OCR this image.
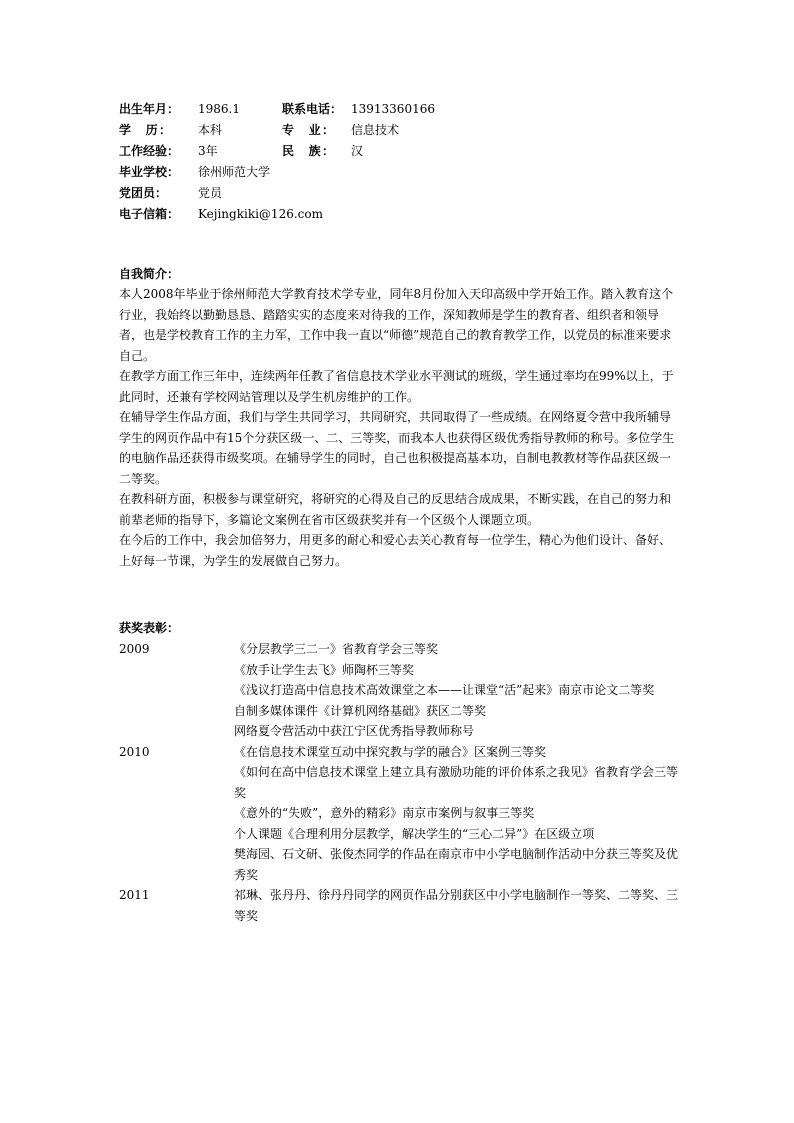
出生年月： 1986.1	联系电话： 13913360166
学　历： 本科	专　业： 信息技术
工作经验： 3年	民　族： 汉
毕业学校： 徐州师范大学
党团员：	党员
电子信箱： Kejingkiki@126.com
自我简介：

本人2008年毕业于徐州师范大学教育技术学专业，同年8月份加入天印高级中学开始工作。踏入教育这个行业，我始终以勤勤恳恳、踏踏实实的态度来对待我的工作，深知教师是学生的教育者、组织者和领导者，也是学校教育工作的主力军，工作中我一直以“师德”规范自己的教育教学工作，以党员的标准来要求自己。

在教学方面工作三年中，连续两年任教了省信息技术学业水平测试的班级，学生通过率均在99%以上，于此同时，还兼有学校网站管理以及学生机房维护的工作。

在辅导学生作品方面，我们与学生共同学习，共同研究，共同取得了一些成绩。在网络夏令营中我所辅导学生的网页作品中有15个分获区级一、二、三等奖，而我本人也获得区级优秀指导教师的称号。多位学生的电脑作品还获得市级奖项。在辅导学生的同时，自己也积极提高基本功，自制电教教材等作品获区级一二等奖。

在教科研方面，积极参与课堂研究，将研究的心得及自己的反思结合成成果，不断实践，在自己的努力和前辈老师的指导下，多篇论文案例在省市区级获奖并有一个区级个人课题立项。

在今后的工作中，我会加倍努力，用更多的耐心和爱心去关心教育每一位学生，精心为他们设计、备好、上好每一节课，为学生的发展做自己努力。

获奖表彰：
2009	《分层教学三二一》省教育学会三等奖
《放手让学生去飞》师陶杯三等奖
《浅议打造高中信息技术高效课堂之本——让课堂“活”起来》南京市论文二等奖
自制多媒体课件《计算机网络基础》获区二等奖
网络夏令营活动中获江宁区优秀指导教师称号
2010	《在信息技术课堂互动中探究教与学的融合》区案例三等奖
《如何在高中信息技术课堂上建立具有激励功能的评价体系之我见》省教育学会三等奖
《意外的“失败”，意外的精彩》南京市案例与叙事三等奖
个人课题《合理利用分层教学，解决学生的“三心二异”》在区级立项
樊海园、石文研、张俊杰同学的作品在南京市中小学电脑制作活动中分获三等奖及优秀奖
2011	祁琳、张丹丹、徐丹丹同学的网页作品分别获区中小学电脑制作一等奖、二等奖、三等奖
